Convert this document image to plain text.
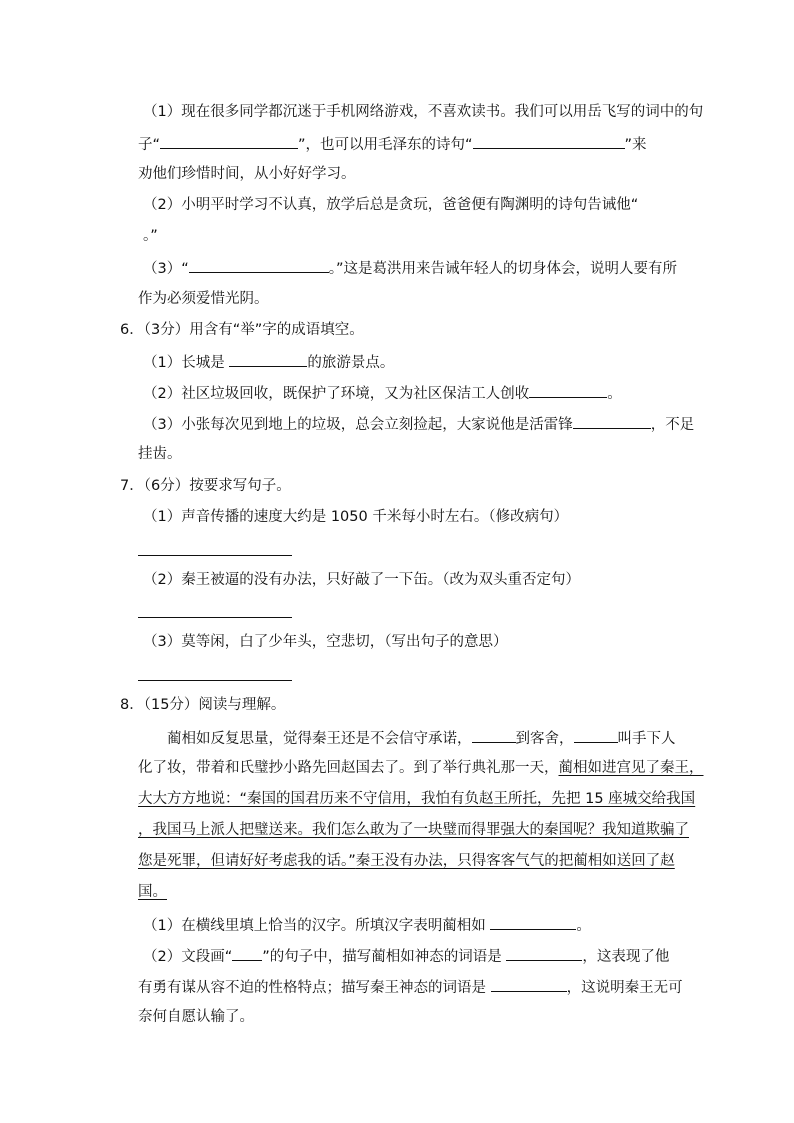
（1）现在很多同学都沉迷于手机网络游戏，不喜欢读书。我们可以用岳飞写的词中的句
子“	”，也可以用毛泽东的诗句“	”来
劝他们珍惜时间，从小好好学习。
（2）小明平时学习不认真，放学后总是贪玩，爸爸便有陶渊明的诗句告诫他“
。”
（3）“	。”这是葛洪用来告诫年轻人的切身体会，说明人要有所
作为必须爱惜光阴。
6．（3分）用含有“举”字的成语填空。
（1）长城是	的旅游景点。
（2）社区垃圾回收，既保护了环境，又为社区保洁工人创收	。
（3）小张每次见到地上的垃圾，总会立刻捡起，大家说他是活雷锋	，不足
挂齿。
7．（6分）按要求写句子。
（1）声音传播的速度大约是 1050 千米每小时左右。（修改病句）
（2）秦王被逼的没有办法，只好敲了一下缶。（改为双头重否定句）
（3）莫等闲，白了少年头，空悲切，（写出句子的意思）
8．（15分）阅读与理解。
蔺相如反复思量，觉得秦王还是不会信守承诺，	到客舍，	叫手下人
化了妆，带着和氏璧抄小路先回赵国去了。到了举行典礼那一天，蔺相如进宫见了秦王，
大大方方地说：“秦国的国君历来不守信用，我怕有负赵王所托，先把 15 座城交给我国
，我国马上派人把璧送来。我们怎么敢为了一块璧而得罪强大的秦国呢？我知道欺骗了
您是死罪，但请好好考虑我的话。”秦王没有办法，只得客客气气的把蔺相如送回了赵
国。
（1）在横线里填上恰当的汉字。所填汉字表明蔺相如	。
（2）文段画“ ”的句子中，描写蔺相如神态的词语是	，这表现了他
有勇有谋从容不迫的性格特点；描写秦王神态的词语是	，这说明秦王无可
奈何自愿认输了。
